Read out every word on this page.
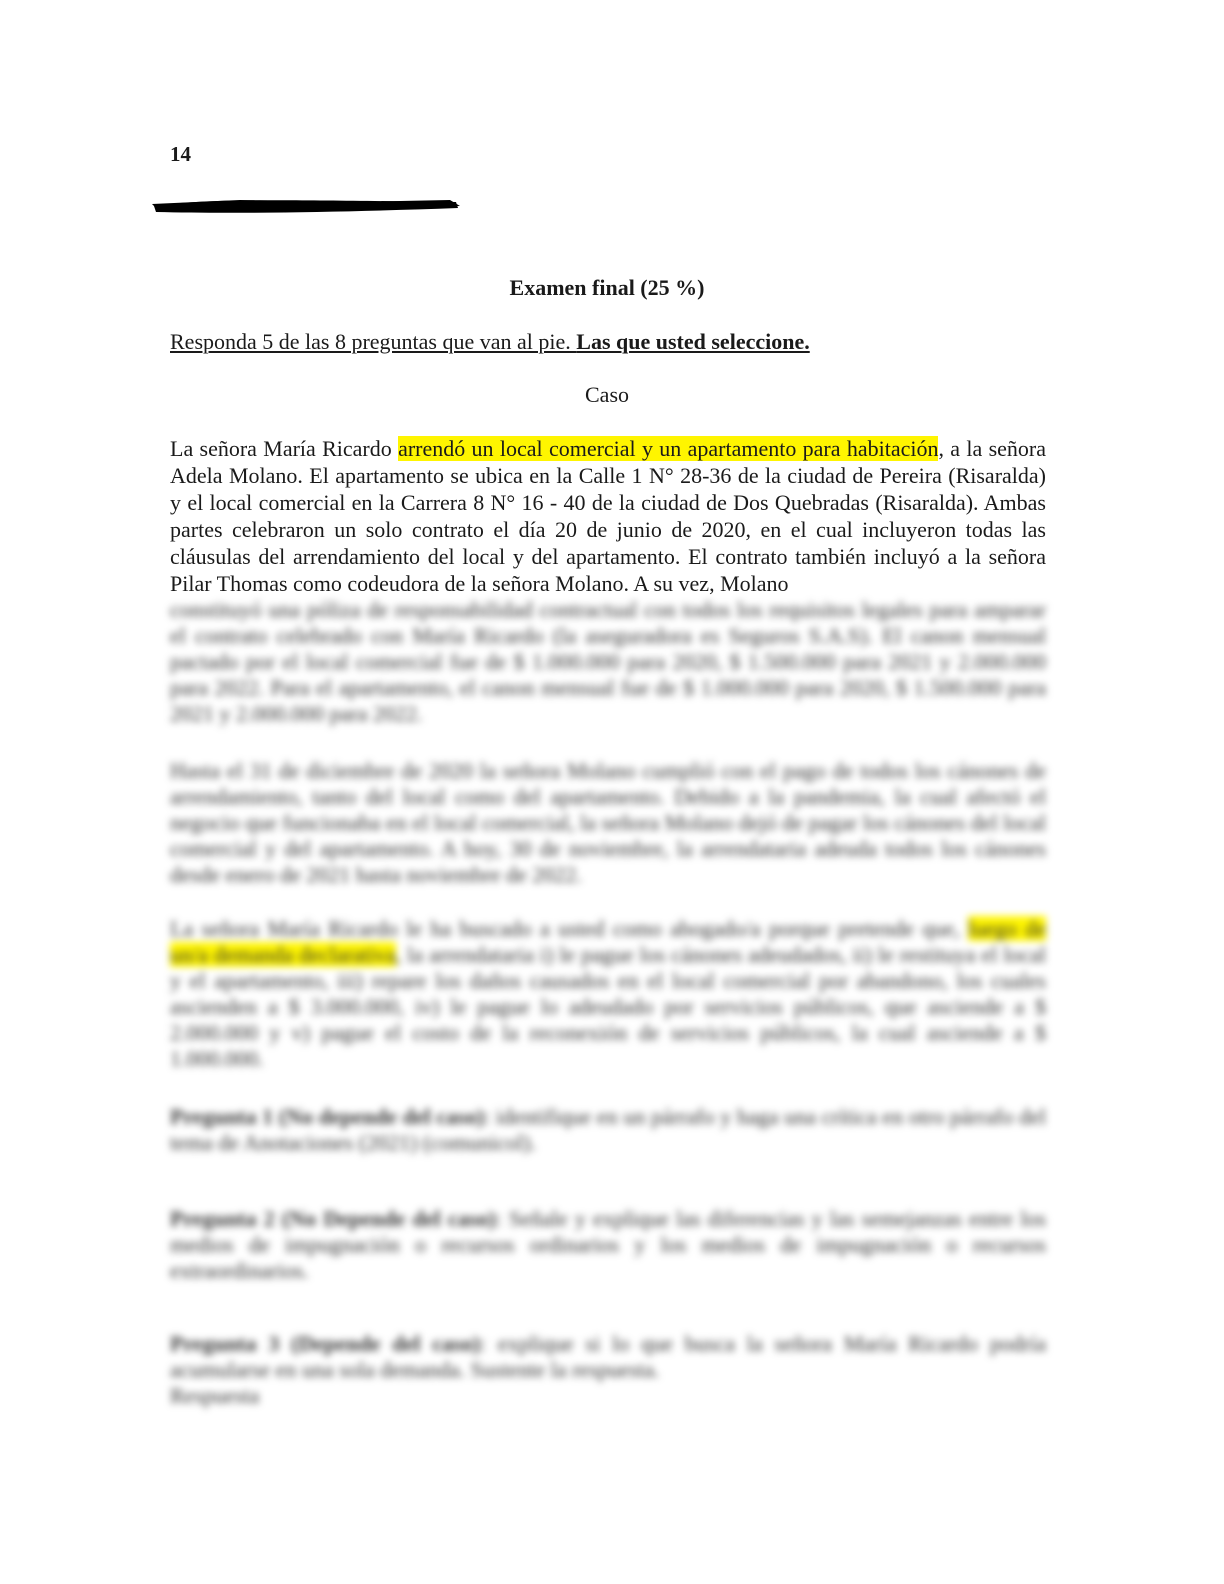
14
Examen final (25 %)
Responda 5 de las 8 preguntas que van al pie. Las que usted seleccione.
Caso
La señora María Ricardo arrendó un local comercial y un apartamento para habitación, a la señora Adela Molano. El apartamento se ubica en la Calle 1 N° 28-36 de la ciudad de Pereira (Risaralda) y el local comercial en la Carrera 8 N° 16 - 40 de la ciudad de Dos Quebradas (Risaralda). Ambas partes celebraron un solo contrato el día 20 de junio de 2020, en el cual incluyeron todas las cláusulas del arrendamiento del local y del apartamento. El contrato también incluyó a la señora Pilar Thomas como codeudora de la señora Molano. A su vez, Molano
constituyó una póliza de responsabilidad contractual con todos los requisitos legales para amparar el contrato celebrado con María Ricardo (la aseguradora es Seguros S.A.S). El canon mensual pactado por el local comercial fue de $ 1.000.000 para 2020, $ 1.500.000 para 2021 y 2.000.000 para 2022. Para el apartamento, el canon mensual fue de $ 1.000.000 para 2020, $ 1.500.000 para 2021 y 2.000.000 para 2022.
Hasta el 31 de diciembre de 2020 la señora Molano cumplió con el pago de todos los cánones de arrendamiento, tanto del local como del apartamento. Debido a la pandemia, la cual afectó el negocio que funcionaba en el local comercial, la señora Molano dejó de pagar los cánones del local comercial y del apartamento. A hoy, 30 de noviembre, la arrendataria adeuda todos los cánones desde enero de 2021 hasta noviembre de 2022.
La señora María Ricardo le ha buscado a usted como abogado/a porque pretende que, luego de un/a demanda declarativa, la arrendataria i) le pague los cánones adeudados, ii) le restituya el local y el apartamento, iii) repare los daños causados en el local comercial por abandono, los cuales ascienden a $ 3.000.000, iv) le pague lo adeudado por servicios públicos, que asciende a $ 2.000.000 y v) pague el costo de la reconexión de servicios públicos, la cual asciende a $ 1.000.000.
Pregunta 1 (No depende del caso): identifique en un párrafo y haga una crítica en otro párrafo del tema de Anotaciones (2021) (comunicol).
Pregunta 2 (No Depende del caso): Señale y explique las diferencias y las semejanzas entre los medios de impugnación o recursos ordinarios y los medios de impugnación o recursos extraordinarios.
Pregunta 3 (Depende del caso): explique si lo que busca la señora María Ricardo podría acumularse en una sola demanda. Sustente la respuesta.
Respuesta
